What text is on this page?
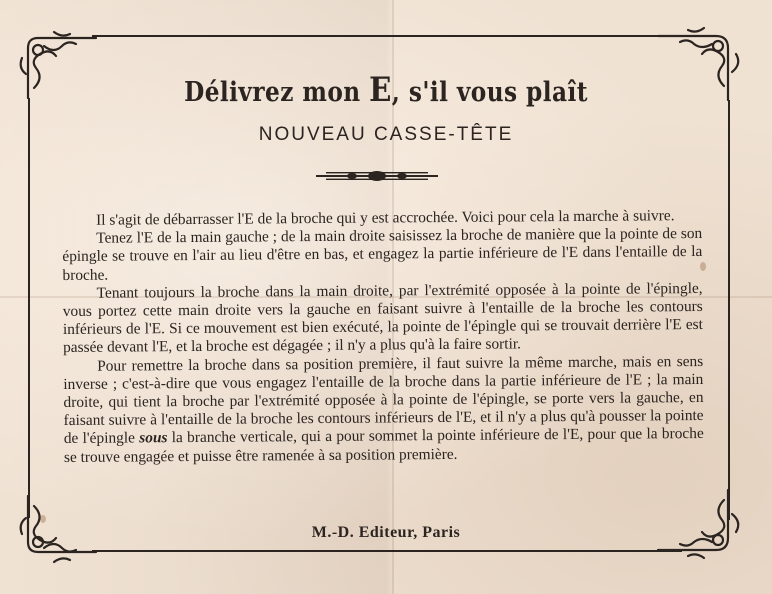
Délivrez mon E, s'il vous plaît
NOUVEAU CASSE-TÊTE

Il s'agit de débarrasser l'E de la broche qui y est accrochée. Voici pour cela la marche à suivre.

Tenez l'E de la main gauche ; de la main droite saisissez la broche de manière que la pointe de son épingle se trouve en l'air au lieu d'être en bas, et engagez la partie inférieure de l'E dans l'entaille de la broche.

Tenant toujours la broche dans la main droite, par l'extrémité opposée à la pointe de l'épingle, vous portez cette main droite vers la gauche en faisant suivre à l'entaille de la broche les contours inférieurs de l'E. Si ce mouvement est bien exécuté, la pointe de l'épingle qui se trouvait derrière l'E est passée devant l'E, et la broche est dégagée ; il n'y a plus qu'à la faire sortir.

Pour remettre la broche dans sa position première, il faut suivre la même marche, mais en sens inverse ; c'est-à-dire que vous engagez l'entaille de la broche dans la partie inférieure de l'E ; la main droite, qui tient la broche par l'extrémité opposée à la pointe de l'épingle, se porte vers la gauche, en faisant suivre à l'entaille de la broche les contours inférieurs de l'E, et il n'y a plus qu'à pousser la pointe de l'épingle sous la branche verticale, qui a pour sommet la pointe inférieure de l'E, pour que la broche se trouve engagée et puisse être ramenée à sa position première.

M.-D. Editeur, Paris
